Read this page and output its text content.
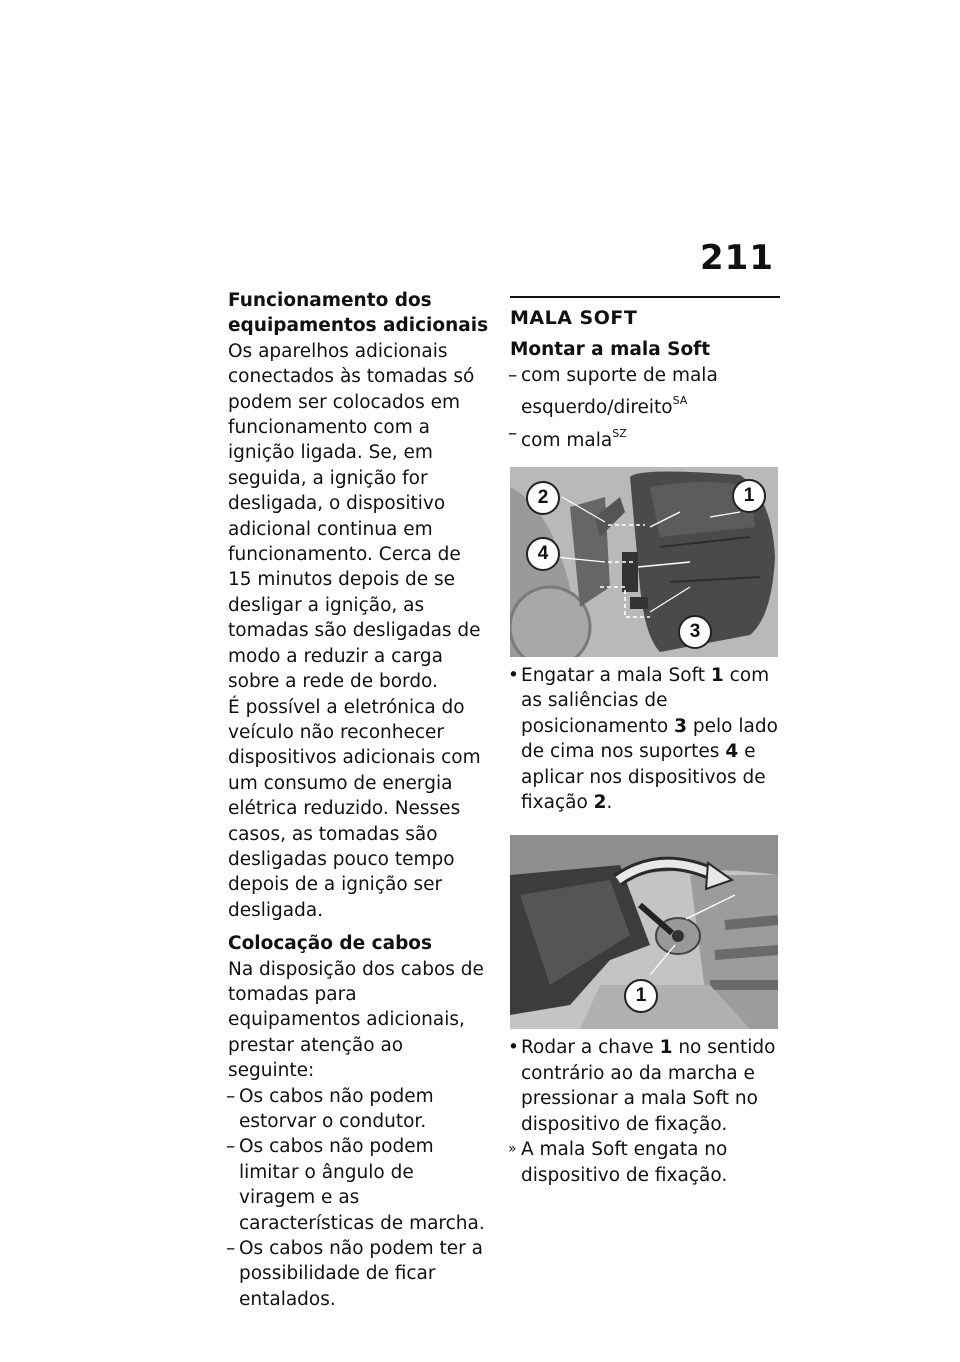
211
Funcionamento dos equipamentos adicionais

Os aparelhos adicionais conectados às tomadas só podem ser colocados em funcionamento com a ignição ligada. Se, em seguida, a ignição for desligada, o dispositivo adicional continua em funcionamento. Cerca de 15 minutos depois de se desligar a ignição, as tomadas são desligadas de modo a reduzir a carga sobre a rede de bordo.

É possível a eletrónica do veículo não reconhecer dispositivos adicionais com um consumo de energia elétrica reduzido. Nesses casos, as tomadas são desligadas pouco tempo depois de a ignição ser desligada.

Colocação de cabos

Na disposição dos cabos de tomadas para equipamentos adicionais, prestar atenção ao seguinte:

– Os cabos não podem estorvar o condutor.
– Os cabos não podem limitar o ângulo de viragem e as características de marcha.
– Os cabos não podem ter a possibilidade de ficar entalados.
MALA SOFT
Montar a mala Soft
– com suporte de mala esquerdo/direito$^{SA}$
– com mala$^{SZ}$
2	1
4
3
• Engatar a mala Soft 1 com as saliências de posicionamento 3 pelo lado de cima nos suportes 4 e aplicar nos dispositivos de fixação 2.
1
• Rodar a chave 1 no sentido contrário ao da marcha e pressionar a mala Soft no dispositivo de fixação.
» A mala Soft engata no dispositivo de fixação.
